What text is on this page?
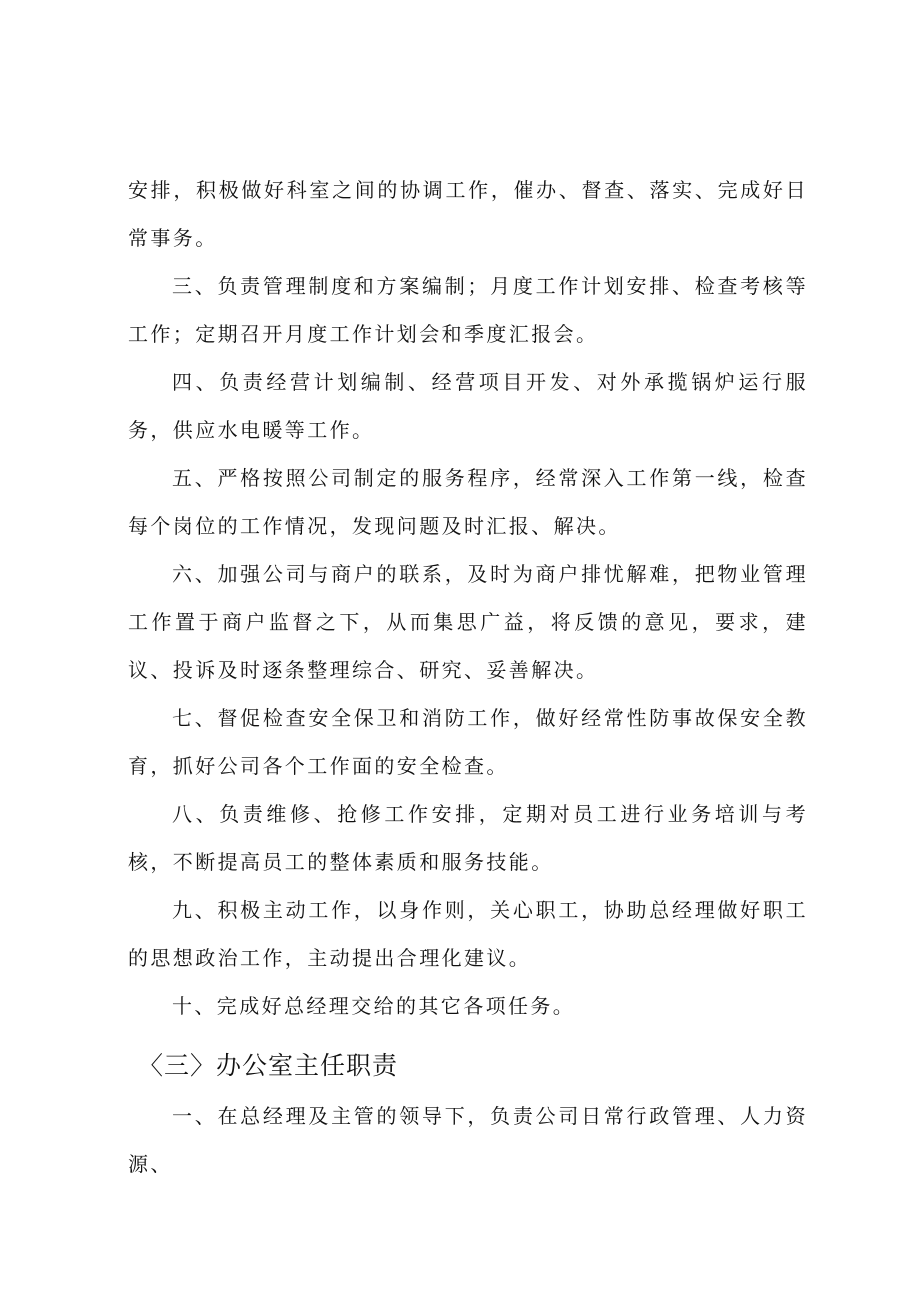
安排，积极做好科室之间的协调工作，催办、督查、落实、完成好日常事务。

三、负责管理制度和方案编制；月度工作计划安排、检查考核等工作；定期召开月度工作计划会和季度汇报会。

四、负责经营计划编制、经营项目开发、对外承揽锅炉运行服务，供应水电暖等工作。

五、严格按照公司制定的服务程序，经常深入工作第一线，检查每个岗位的工作情况，发现问题及时汇报、解决。

六、加强公司与商户的联系，及时为商户排忧解难，把物业管理工作置于商户监督之下，从而集思广益，将反馈的意见，要求，建议、投诉及时逐条整理综合、研究、妥善解决。

七、督促检查安全保卫和消防工作，做好经常性防事故保安全教育，抓好公司各个工作面的安全检查。

八、负责维修、抢修工作安排，定期对员工进行业务培训与考核，不断提高员工的整体素质和服务技能。

九、积极主动工作，以身作则，关心职工，协助总经理做好职工的思想政治工作，主动提出合理化建议。

十、完成好总经理交给的其它各项任务。

〈三〉办公室主任职责

一、在总经理及主管的领导下，负责公司日常行政管理、人力资源、
